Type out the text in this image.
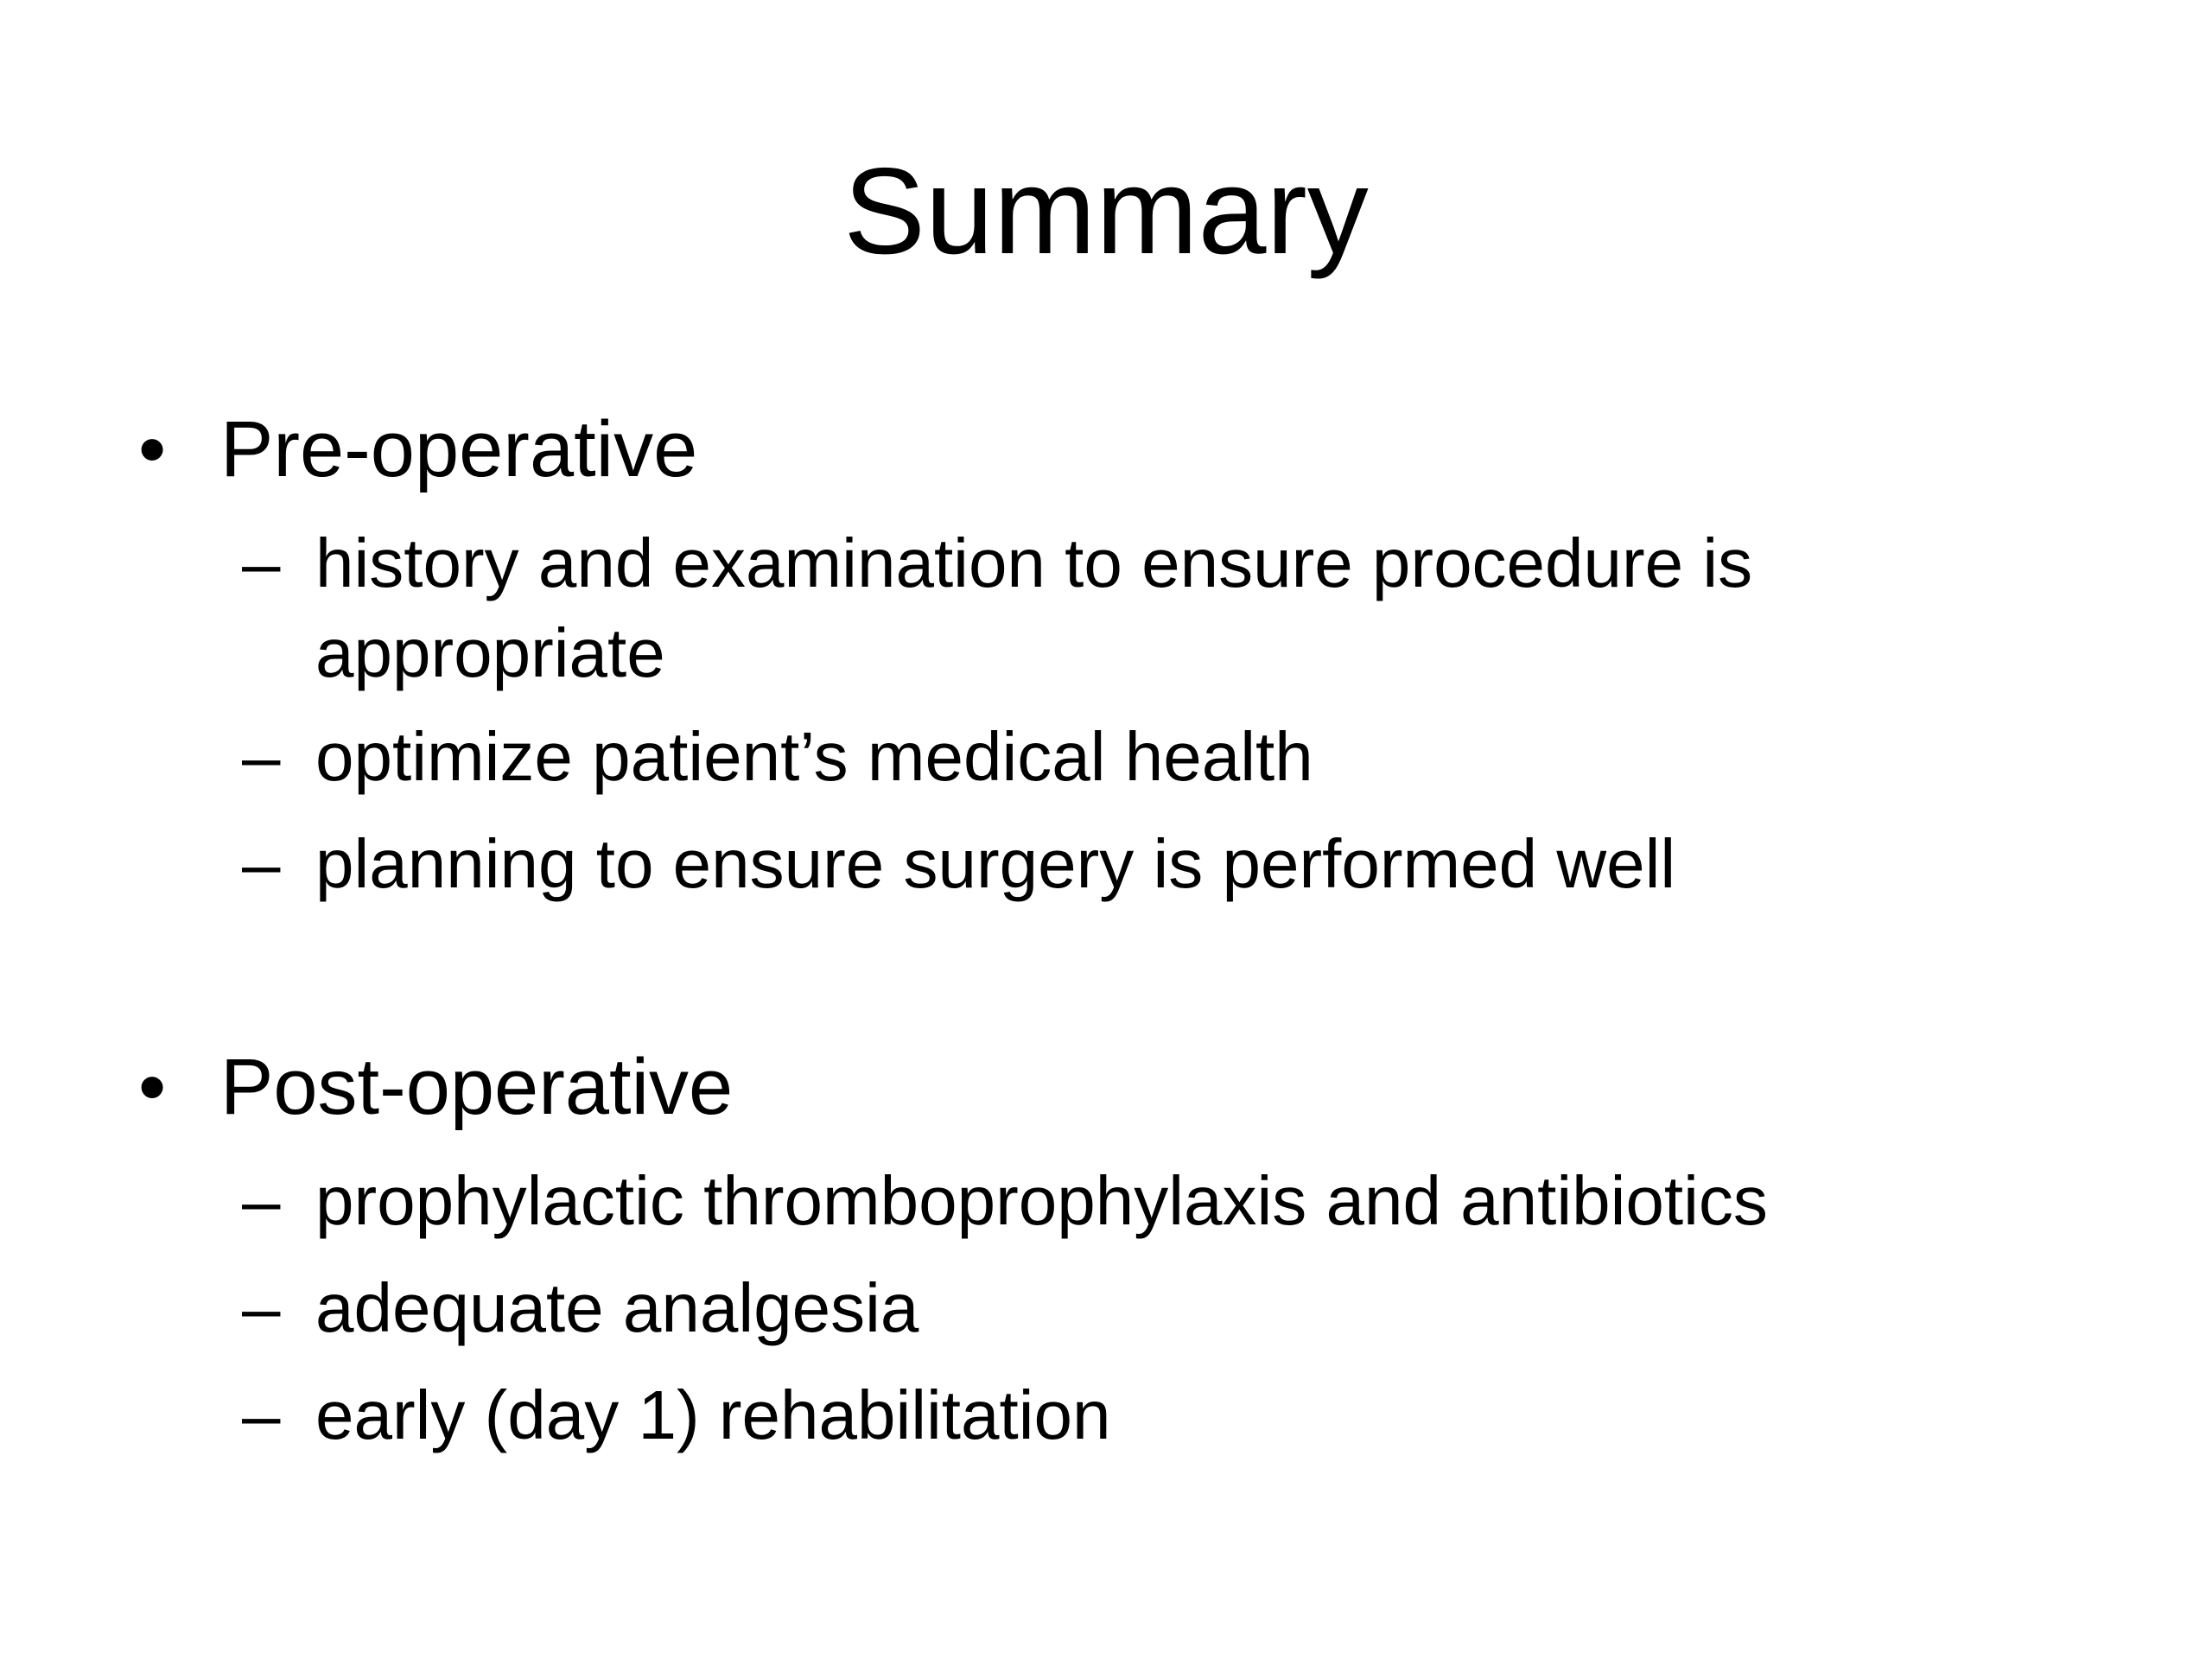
Summary
• Pre-operative
– history and examination to ensure procedure is appropriate
– optimize patient’s medical health
– planning to ensure surgery is performed well
• Post-operative
– prophylactic thromboprophylaxis and antibiotics
– adequate analgesia
– early (day 1) rehabilitation
